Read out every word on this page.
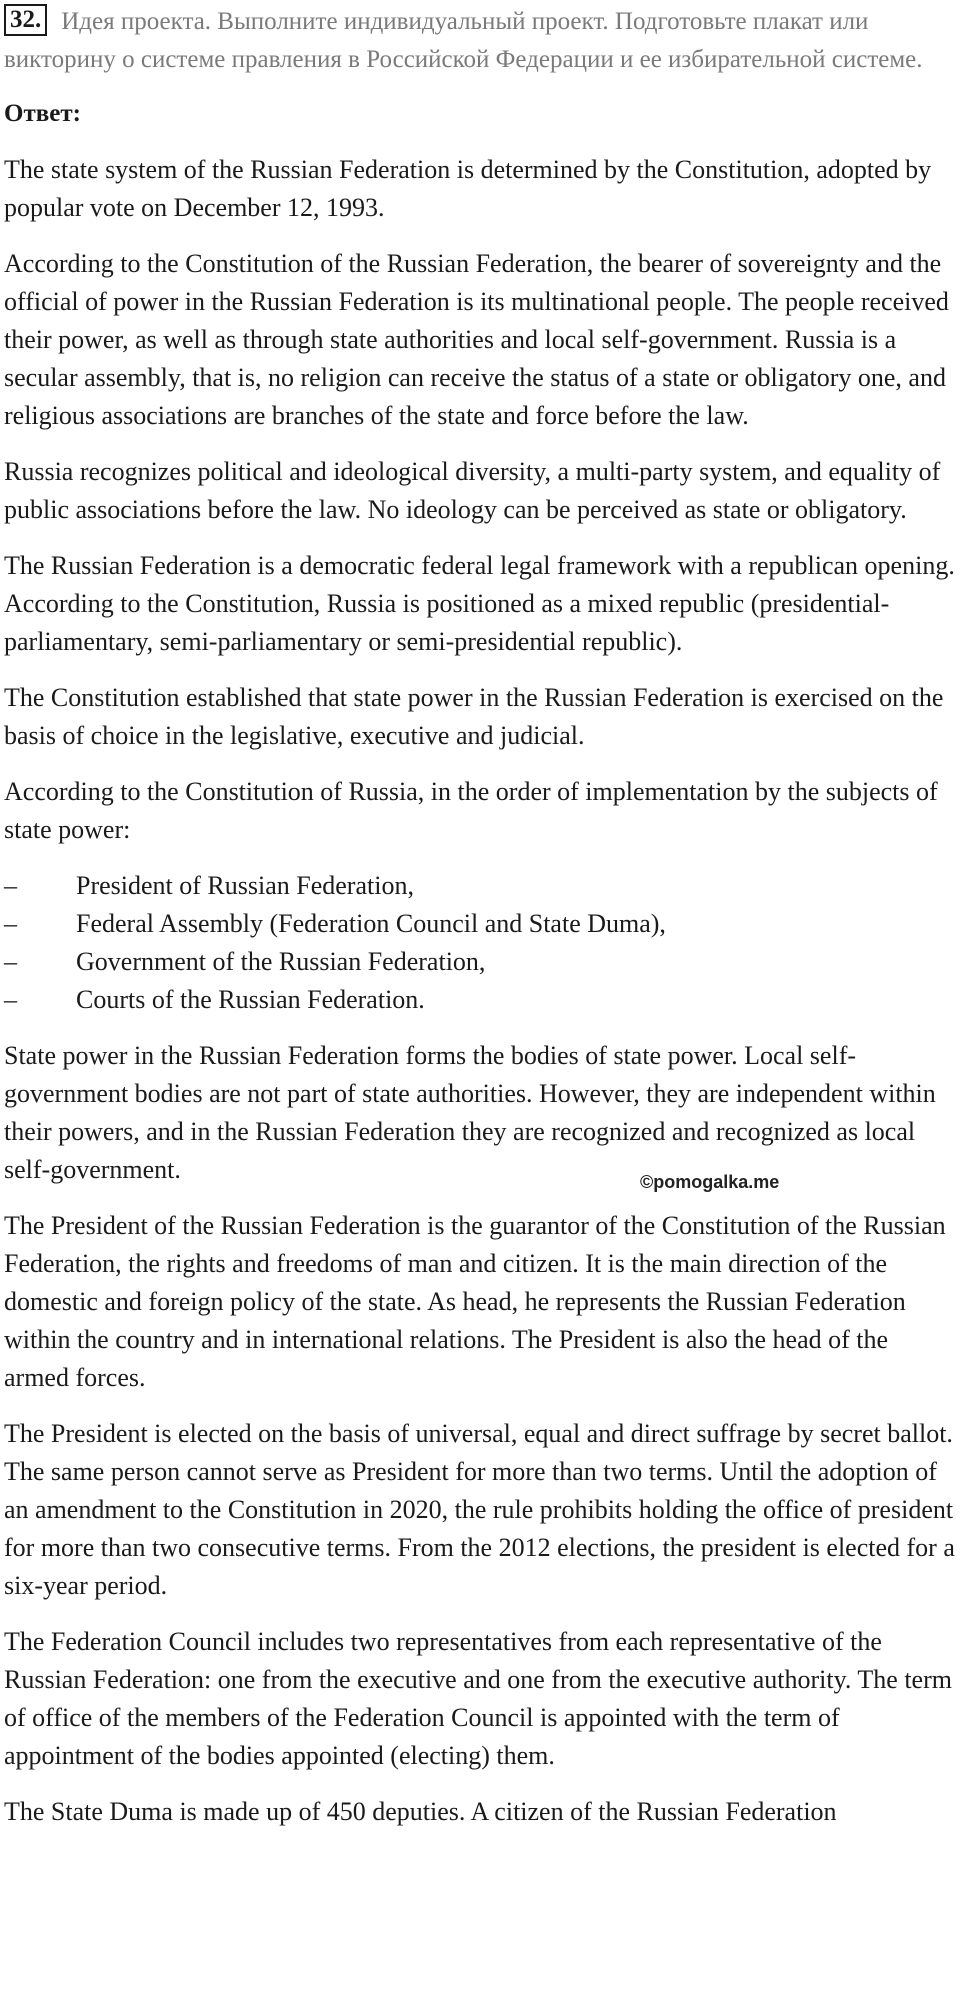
32. Идея проекта. Выполните индивидуальный проект. Подготовьте плакат или викторину о системе правления в Российской Федерации и ее избирательной системе.

Ответ:

The state system of the Russian Federation is determined by the Constitution, adopted by popular vote on December 12, 1993.

According to the Constitution of the Russian Federation, the bearer of sovereignty and the official of power in the Russian Federation is its multinational people. The people received their power, as well as through state authorities and local self-government. Russia is a secular assembly, that is, no religion can receive the status of a state or obligatory one, and religious associations are branches of the state and force before the law.

Russia recognizes political and ideological diversity, a multi-party system, and equality of public associations before the law. No ideology can be perceived as state or obligatory.

The Russian Federation is a democratic federal legal framework with a republican opening.

According to the Constitution, Russia is positioned as a mixed republic (presidential-parliamentary, semi-parliamentary or semi-presidential republic).

The Constitution established that state power in the Russian Federation is exercised on the basis of choice in the legislative, executive and judicial.

According to the Constitution of Russia, in the order of implementation by the subjects of state power:

–	President of Russian Federation,
–	Federal Assembly (Federation Council and State Duma),
–	Government of the Russian Federation,
–	Courts of the Russian Federation.

State power in the Russian Federation forms the bodies of state power. Local self-government bodies are not part of state authorities. However, they are independent within their powers, and in the Russian Federation they are recognized and recognized as local self-government.

The President of the Russian Federation is the guarantor of the Constitution of the Russian Federation, the rights and freedoms of man and citizen. It is the main direction of the domestic and foreign policy of the state. As head, he represents the Russian Federation within the country and in international relations. The President is also the head of the armed forces.

The President is elected on the basis of universal, equal and direct suffrage by secret ballot. The same person cannot serve as President for more than two terms. Until the adoption of an amendment to the Constitution in 2020, the rule prohibits holding the office of president for more than two consecutive terms. From the 2012 elections, the president is elected for a six-year period.

The Federation Council includes two representatives from each representative of the Russian Federation: one from the executive and one from the executive authority. The term of office of the members of the Federation Council is appointed with the term of appointment of the bodies appointed (electing) them.

The State Duma is made up of 450 deputies. A citizen of the Russian Federation

©pomogalka.me
